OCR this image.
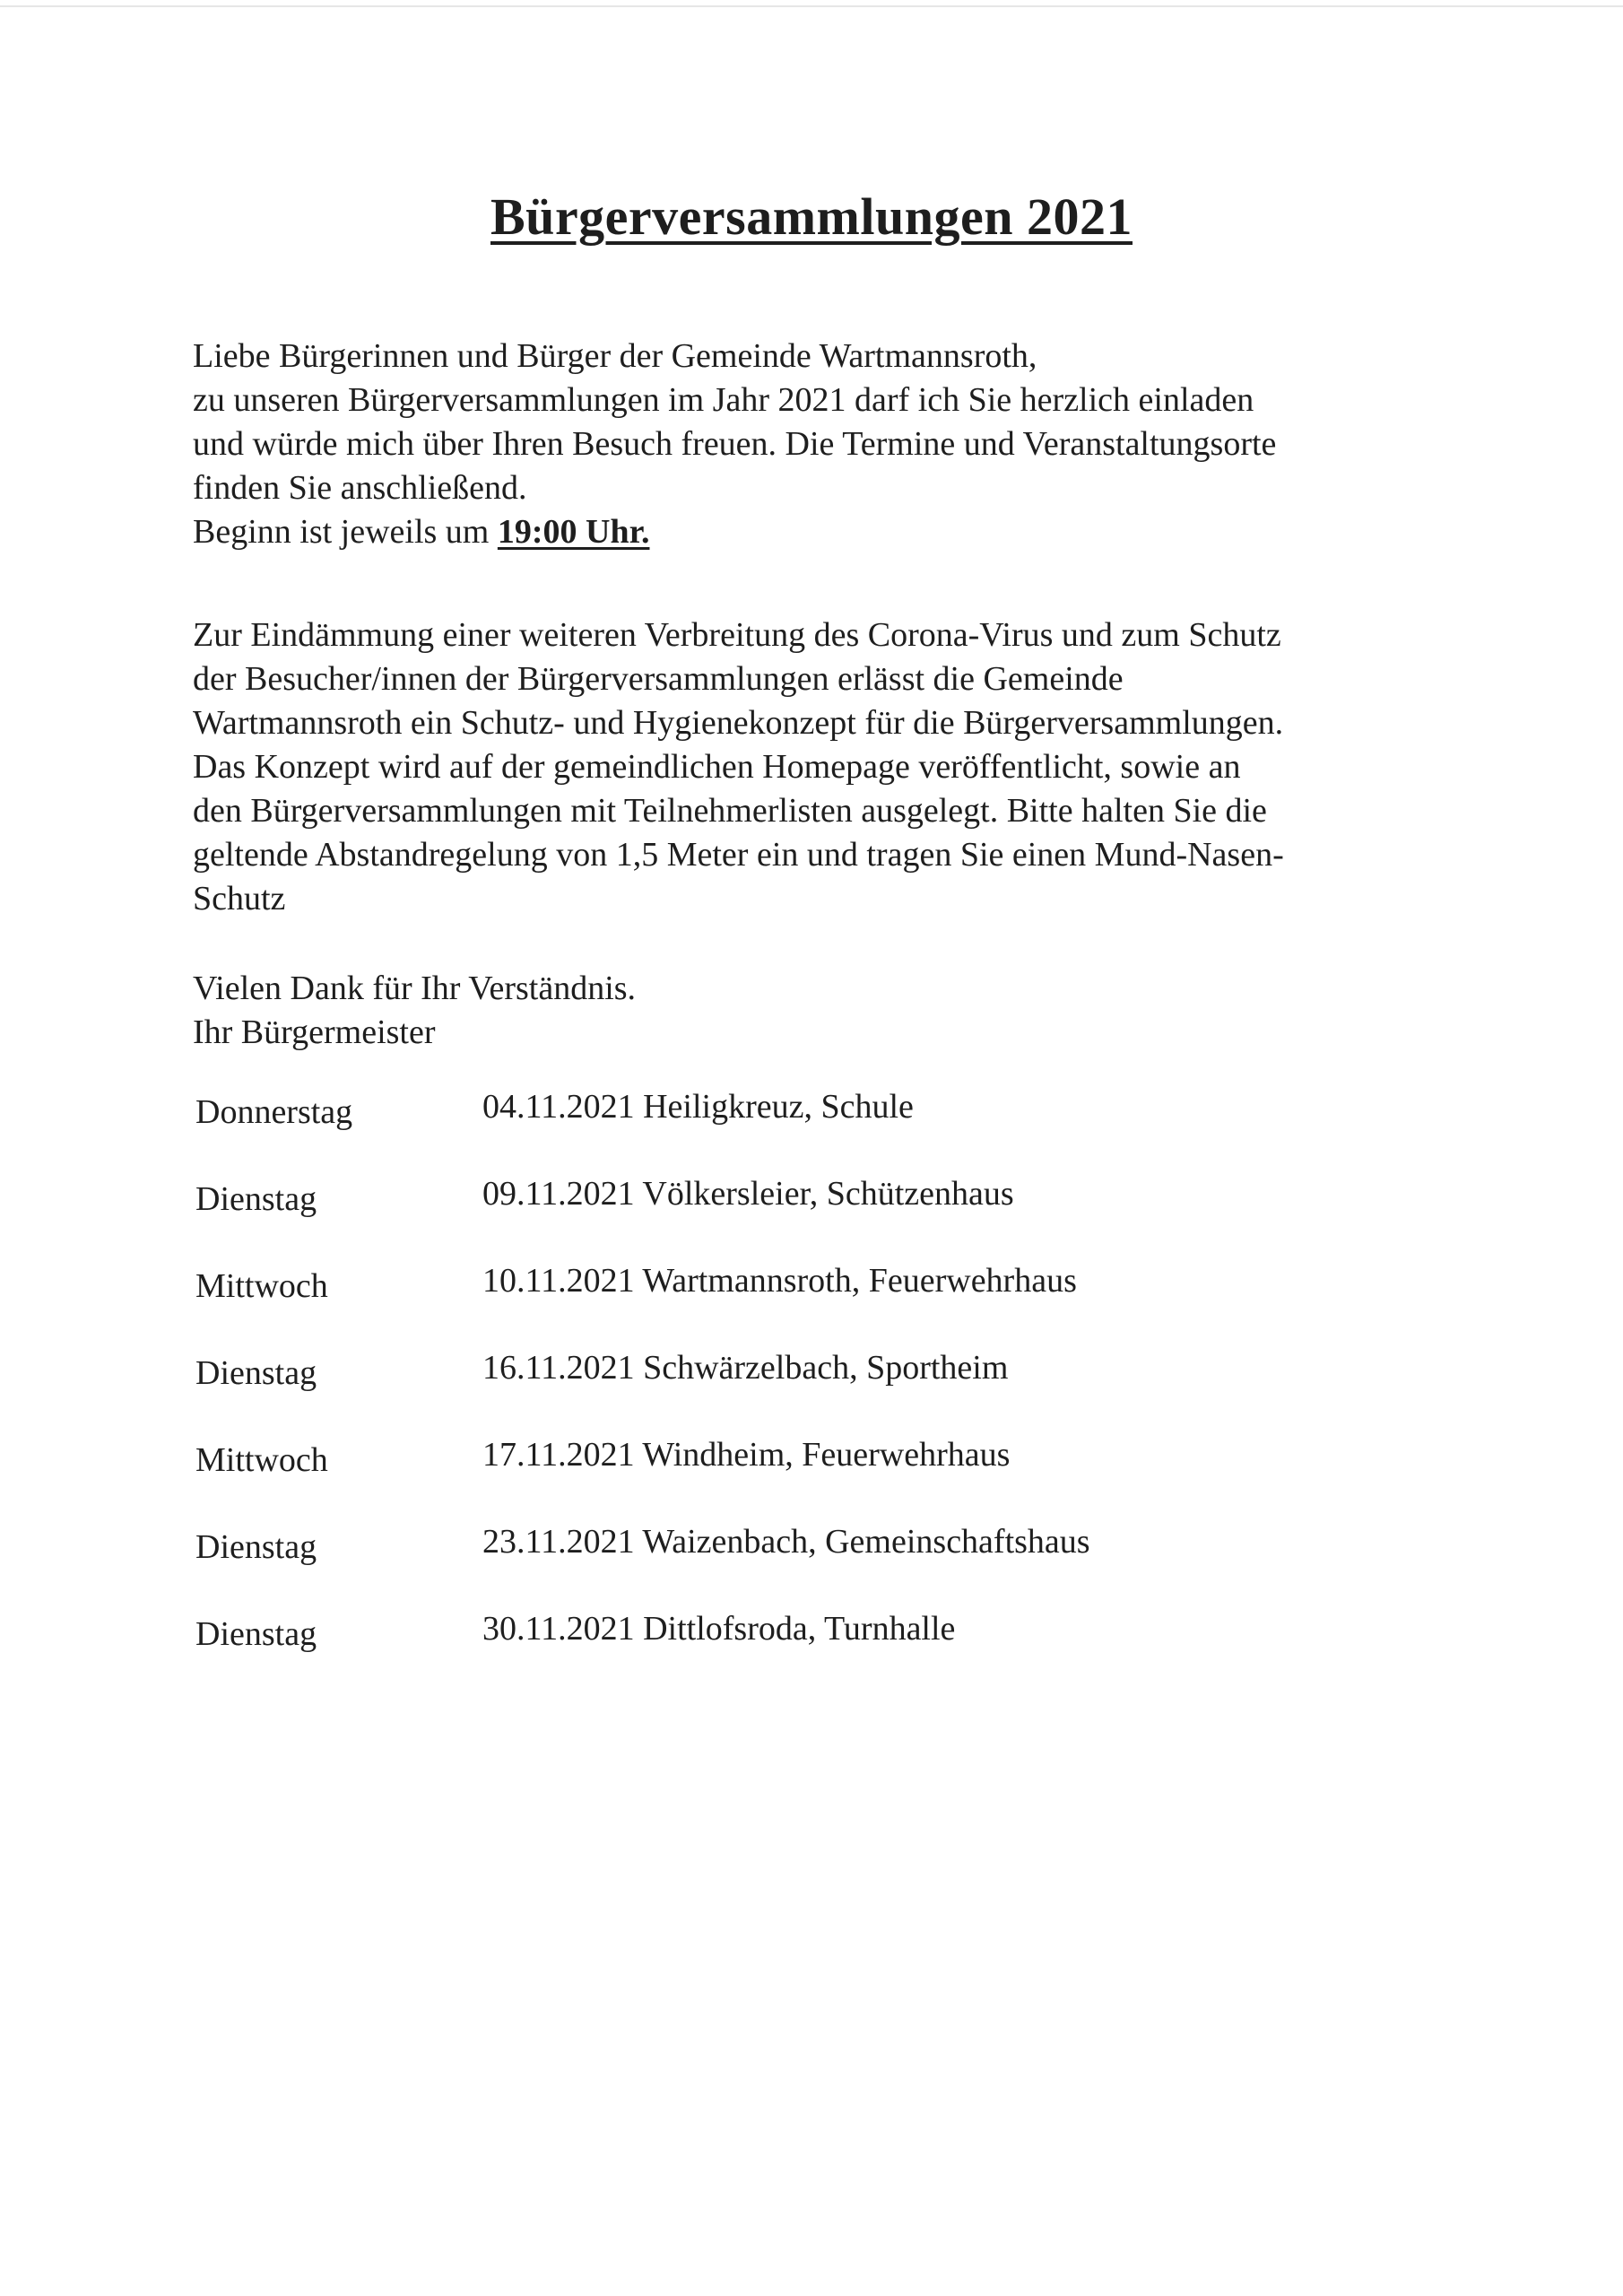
Bürgerversammlungen 2021
Liebe Bürgerinnen und Bürger der Gemeinde Wartmannsroth,
zu unseren Bürgerversammlungen im Jahr 2021 darf ich Sie herzlich einladen
und würde mich über Ihren Besuch freuen. Die Termine und Veranstaltungsorte
finden Sie anschließend.
Beginn ist jeweils um 19:00 Uhr.
Zur Eindämmung einer weiteren Verbreitung des Corona-Virus und zum Schutz
der Besucher/innen der Bürgerversammlungen erlässt die Gemeinde
Wartmannsroth ein Schutz- und Hygienekonzept für die Bürgerversammlungen.
Das Konzept wird auf der gemeindlichen Homepage veröffentlicht, sowie an
den Bürgerversammlungen mit Teilnehmerlisten ausgelegt. Bitte halten Sie die
geltende Abstandregelung von 1,5 Meter ein und tragen Sie einen Mund-Nasen-
Schutz
Vielen Dank für Ihr Verständnis.
Ihr Bürgermeister
Donnerstag	04.11.2021 Heiligkreuz, Schule
Dienstag	09.11.2021 Völkersleier, Schützenhaus
Mittwoch	10.11.2021 Wartmannsroth, Feuerwehrhaus
Dienstag	16.11.2021 Schwärzelbach, Sportheim
Mittwoch	17.11.2021 Windheim, Feuerwehrhaus
Dienstag	23.11.2021 Waizenbach, Gemeinschaftshaus
Dienstag	30.11.2021 Dittlofsroda, Turnhalle
